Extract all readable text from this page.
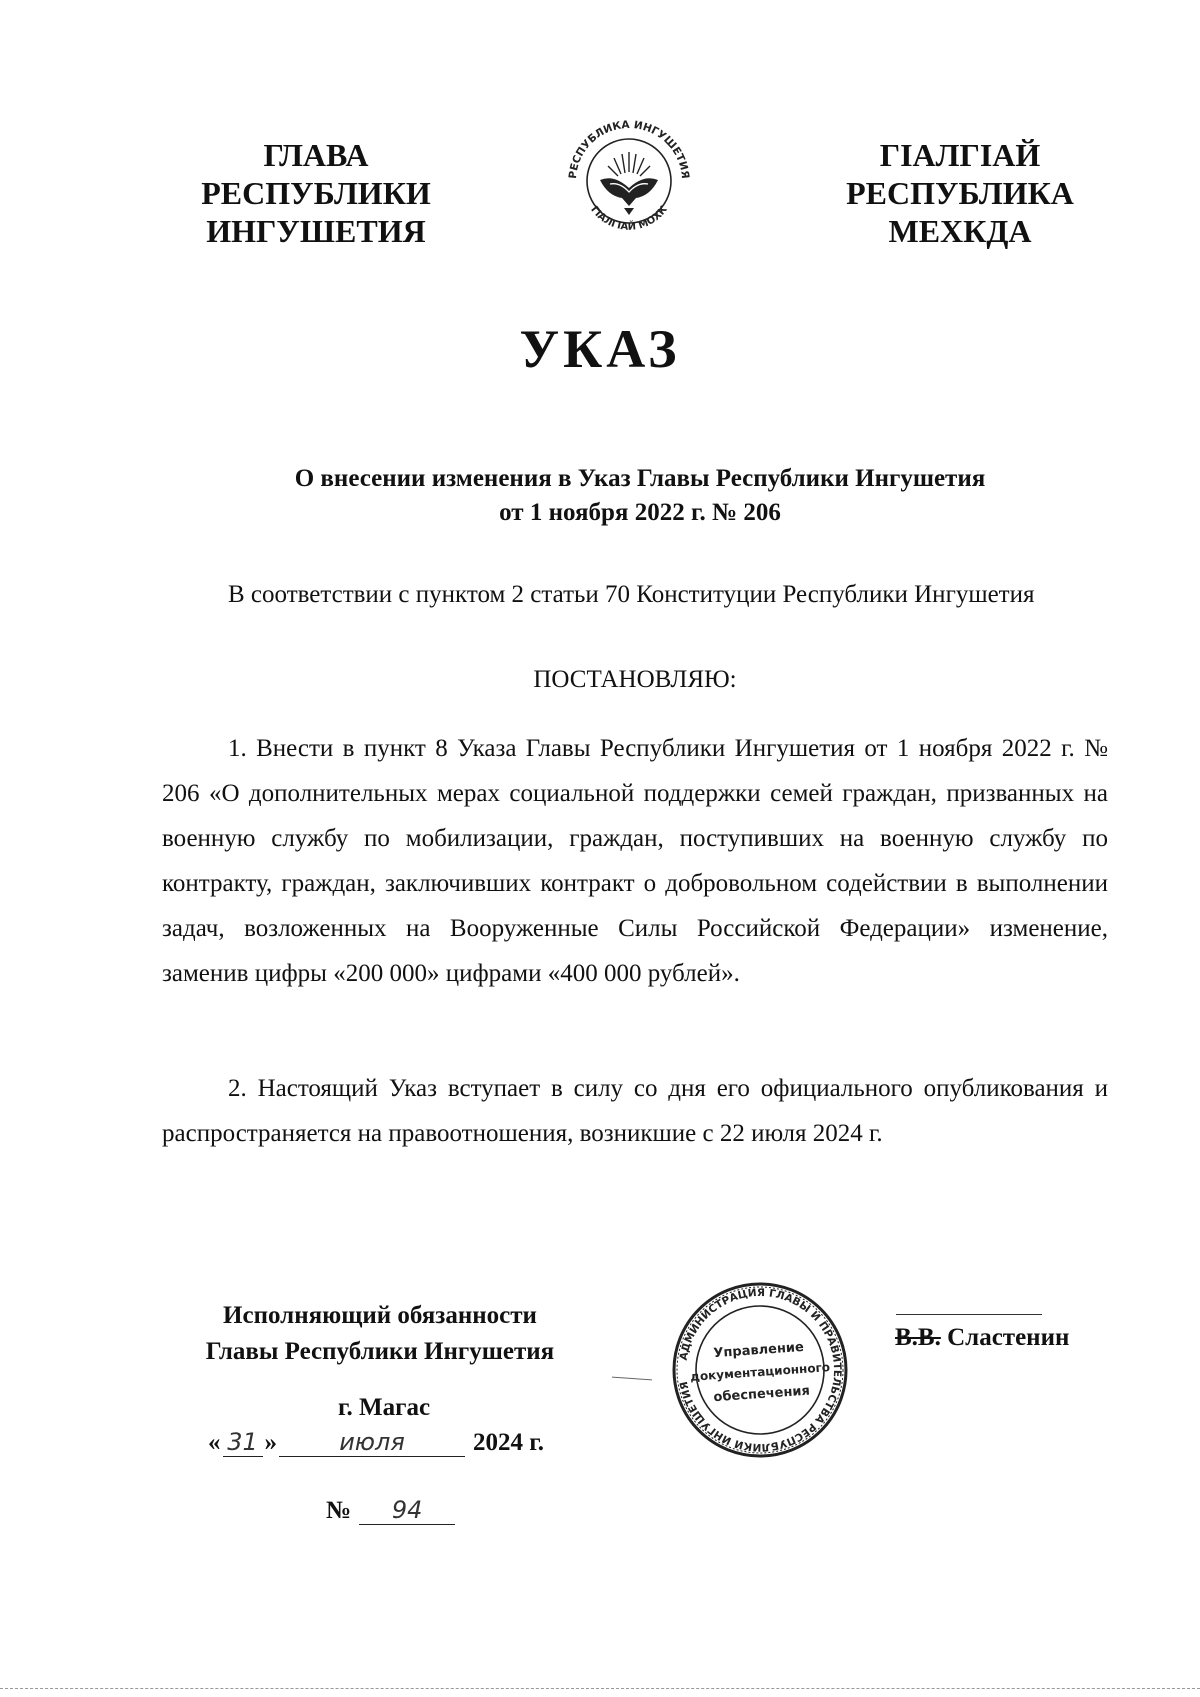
ГЛАВА
РЕСПУБЛИКИ
ИНГУШЕТИЯ
РЕСПУБЛИКА ИНГУШЕТИЯ
ГІАЛГІАЙ МОХК
ГІАЛГІАЙ
РЕСПУБЛИКА
МЕХКДА
УКАЗ
О внесении изменения в Указ Главы Республики Ингушетия
от 1 ноября 2022 г. № 206
В соответствии с пунктом 2 статьи 70 Конституции Республики Ингушетия
ПОСТАНОВЛЯЮ:
1. Внести в пункт 8 Указа Главы Республики Ингушетия от 1 ноября 2022 г. № 206 «О дополнительных мерах социальной поддержки семей граждан, призванных на военную службу по мобилизации, граждан, поступивших на военную службу по контракту, граждан, заключивших контракт о добровольном содействии в выполнении задач, возложенных на Вооруженные Силы Российской Федерации» изменение, заменив цифры «200 000» цифрами «400 000 рублей».
2. Настоящий Указ вступает в силу со дня его официального опубликования и распространяется на правоотношения, возникшие с 22 июля 2024 г.
Исполняющий обязанности
Главы Республики Ингушетия
г. Магас
« 31 »	июля	2024 г.
№	94
АДМИНИСТРАЦИЯ ГЛАВЫ И ПРАВИТЕЛЬСТВА РЕСПУБЛИКИ ИНГУШЕТИЯ
Управление
документационного
обеспечения
В.В. Сластенин
